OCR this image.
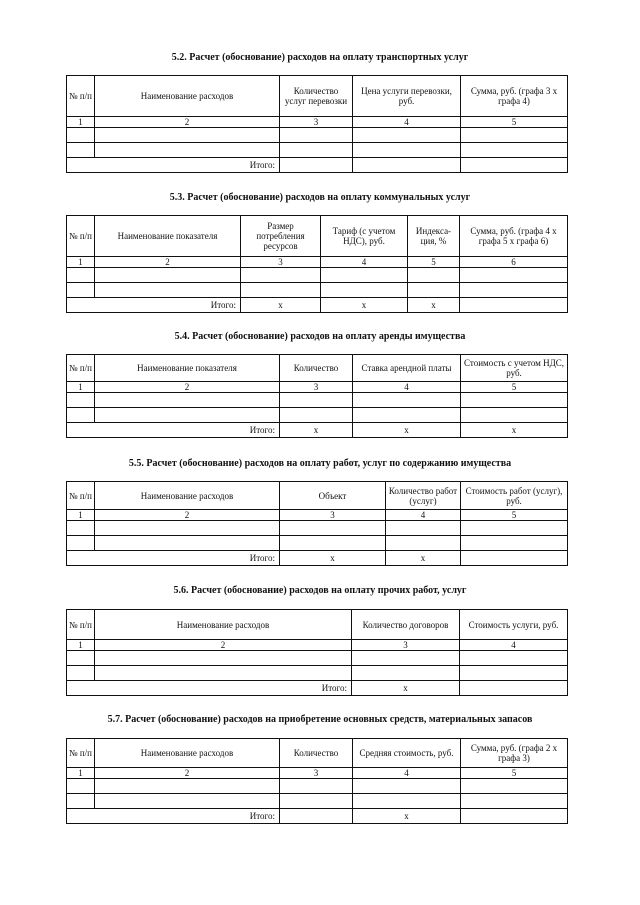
5.2. Расчет (обоснование) расходов на оплату транспортных услуг
№ п/п	Наименование расходов	Количество услуг перевозки	Цена услуги перевозки, руб.	Сумма, руб. (графа 3 x графа 4)
1	2	3	4	5

Итого:				
5.3. Расчет (обоснование) расходов на оплату коммунальных услуг
№ п/п	Наименование показателя	Размер потребления ресурсов	Тариф (с учетом НДС), руб.	Индекса-ция, %	Сумма, руб. (графа 4 x графа 5 x графа 6)
1	2	3	4	5	6

Итого:		x	x	x	
5.4. Расчет (обоснование) расходов на оплату аренды имущества
№ п/п	Наименование показателя	Количество	Ставка арендной платы	Стоимость с учетом НДС, руб.
1	2	3	4	5

Итого:		x	x	x
5.5. Расчет (обоснование) расходов на оплату работ, услуг по содержанию имущества
№ п/п	Наименование расходов	Объект	Количество работ (услуг)	Стоимость работ (услуг), руб.
1	2	3	4	5

Итого:		x	x	
5.6. Расчет (обоснование) расходов на оплату прочих работ, услуг
№ п/п	Наименование расходов	Количество договоров	Стоимость услуги, руб.
1	2	3	4

Итого:		x	
5.7. Расчет (обоснование) расходов на приобретение основных средств, материальных запасов
№ п/п	Наименование расходов	Количество	Средняя стоимость, руб.	Сумма, руб. (графа 2 x графа 3)
1	2	3	4	5

Итого:			x	
